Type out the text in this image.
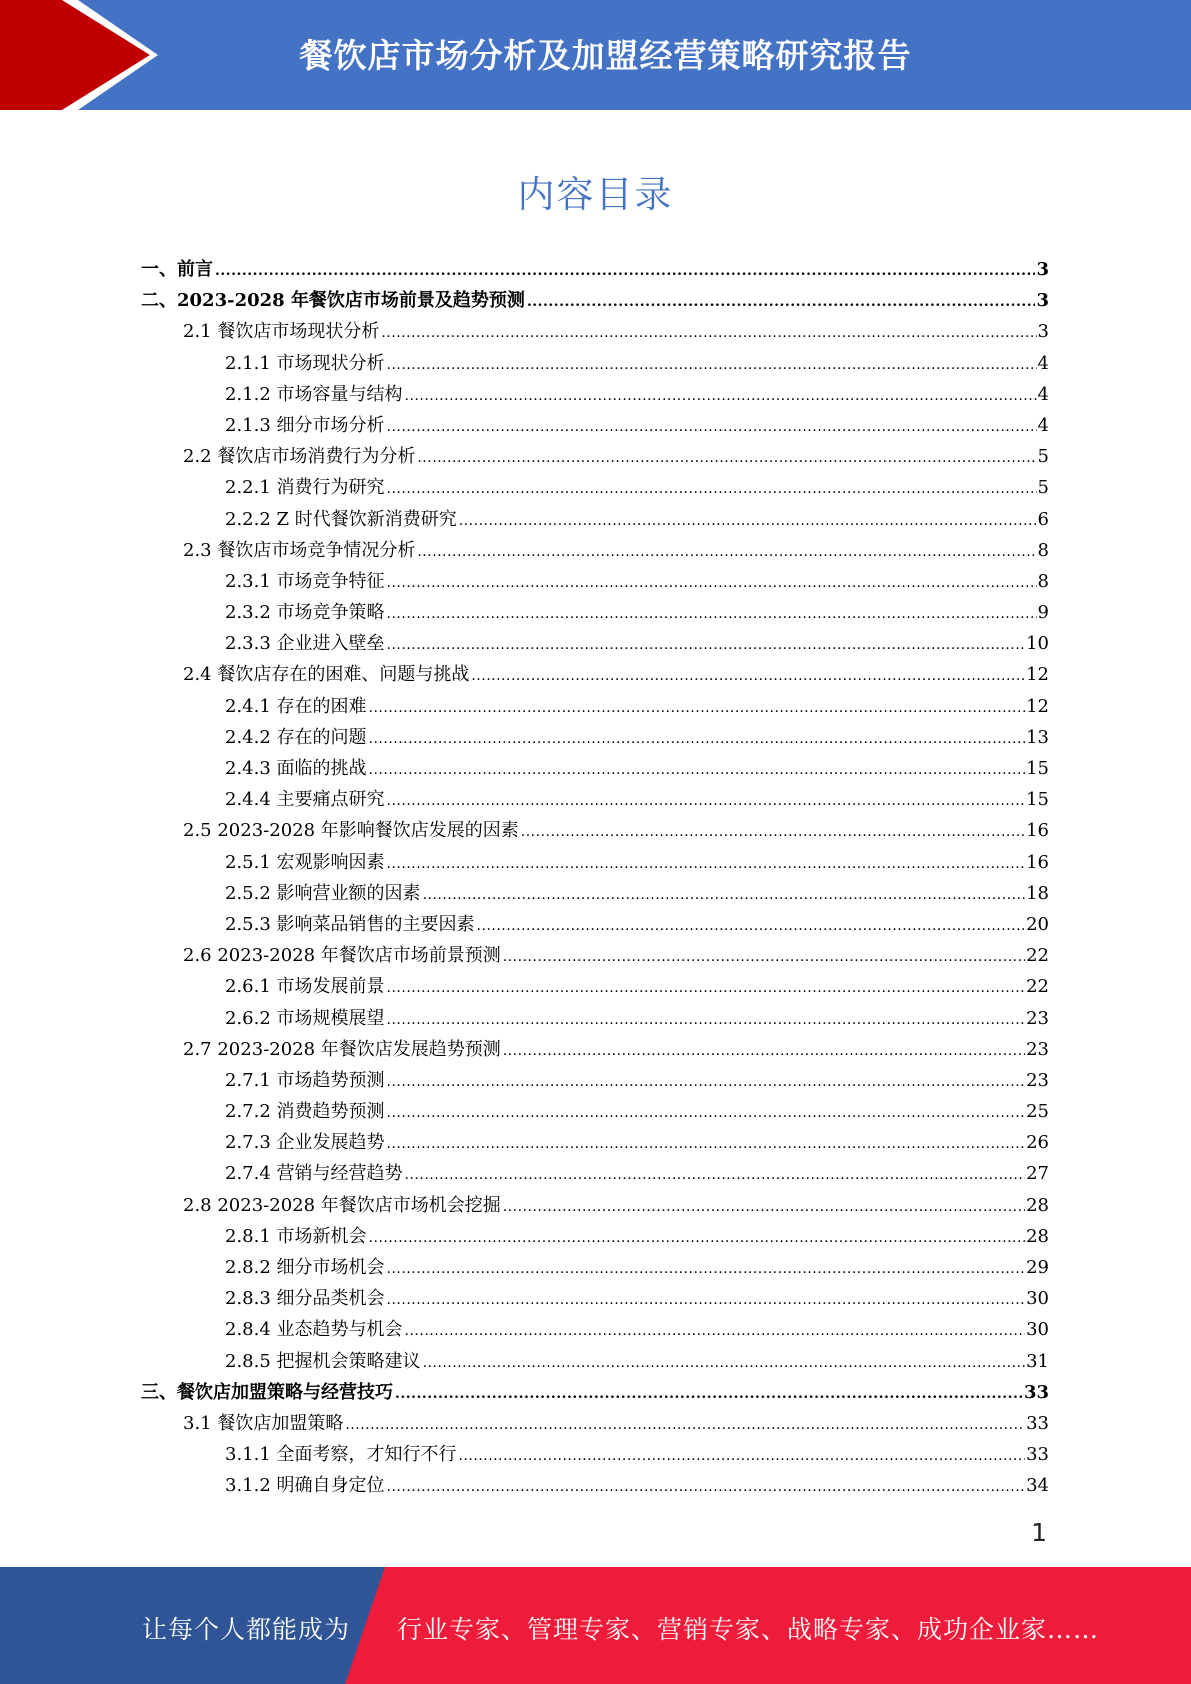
餐饮店市场分析及加盟经营策略研究报告
内容目录
一、前言 .....	3
二、2023-2028 年餐饮店市场前景及趋势预测 .....	3
2.1 餐饮店市场现状分析 .....	3
2.1.1 市场现状分析 .....	4
2.1.2 市场容量与结构 .....	4
2.1.3 细分市场分析 .....	4
2.2 餐饮店市场消费行为分析 .....	5
2.2.1 消费行为研究 .....	5
2.2.2 Z 时代餐饮新消费研究 .....	6
2.3 餐饮店市场竞争情况分析 .....	8
2.3.1 市场竞争特征 .....	8
2.3.2 市场竞争策略 .....	9
2.3.3 企业进入壁垒 .....	10
2.4 餐饮店存在的困难、问题与挑战 .....	12
2.4.1 存在的困难 .....	12
2.4.2 存在的问题 .....	13
2.4.3 面临的挑战 .....	15
2.4.4 主要痛点研究 .....	15
2.5 2023-2028 年影响餐饮店发展的因素 .....	16
2.5.1 宏观影响因素 .....	16
2.5.2 影响营业额的因素 .....	18
2.5.3 影响菜品销售的主要因素 .....	20
2.6 2023-2028 年餐饮店市场前景预测 .....	22
2.6.1 市场发展前景 .....	22
2.6.2 市场规模展望 .....	23
2.7 2023-2028 年餐饮店发展趋势预测 .....	23
2.7.1 市场趋势预测 .....	23
2.7.2 消费趋势预测 .....	25
2.7.3 企业发展趋势 .....	26
2.7.4 营销与经营趋势 .....	27
2.8 2023-2028 年餐饮店市场机会挖掘 .....	28
2.8.1 市场新机会 .....	28
2.8.2 细分市场机会 .....	29
2.8.3 细分品类机会 .....	30
2.8.4 业态趋势与机会 .....	30
2.8.5 把握机会策略建议 .....	31
三、餐饮店加盟策略与经营技巧 .....	33
3.1 餐饮店加盟策略 .....	33
3.1.1 全面考察，才知行不行 .....	33
3.1.2 明确自身定位 .....	34
1
让每个人都能成为 行业专家、管理专家、营销专家、战略专家、成功企业家……
